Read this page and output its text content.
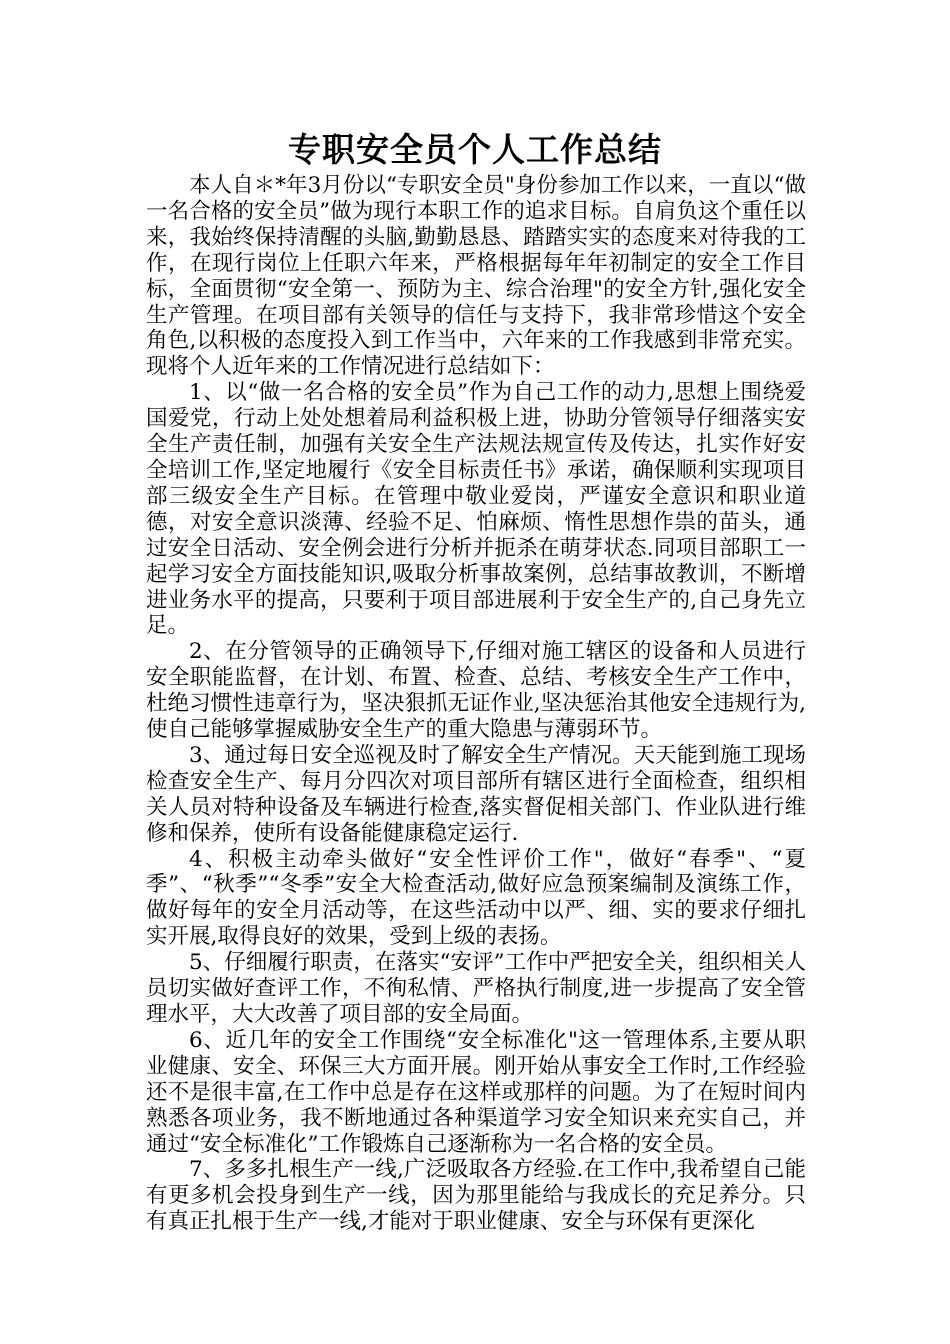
专职安全员个人工作总结

本人自＊*年3月份以“专职安全员"身份参加工作以来，一直以“做一名合格的安全员”做为现行本职工作的追求目标。自肩负这个重任以来，我始终保持清醒的头脑,勤勤恳恳、踏踏实实的态度来对待我的工作，在现行岗位上任职六年来，严格根据每年年初制定的安全工作目标，全面贯彻“安全第一、预防为主、综合治理"的安全方针,强化安全生产管理。在项目部有关领导的信任与支持下，我非常珍惜这个安全角色,以积极的态度投入到工作当中，六年来的工作我感到非常充实。现将个人近年来的工作情况进行总结如下：

1、以“做一名合格的安全员”作为自己工作的动力,思想上围绕爱国爱党，行动上处处想着局利益积极上进，协助分管领导仔细落实安全生产责任制，加强有关安全生产法规法规宣传及传达，扎实作好安全培训工作,坚定地履行《安全目标责任书》承诺，确保顺利实现项目部三级安全生产目标。在管理中敬业爱岗，严谨安全意识和职业道德，对安全意识淡薄、经验不足、怕麻烦、惰性思想作祟的苗头，通过安全日活动、安全例会进行分析并扼杀在萌芽状态.同项目部职工一起学习安全方面技能知识,吸取分析事故案例，总结事故教训，不断增进业务水平的提高，只要利于项目部进展利于安全生产的,自己身先立足。

2、在分管领导的正确领导下,仔细对施工辖区的设备和人员进行安全职能监督，在计划、布置、检查、总结、考核安全生产工作中，杜绝习惯性违章行为，坚决狠抓无证作业,坚决惩治其他安全违规行为,使自己能够掌握威胁安全生产的重大隐患与薄弱环节。

3、通过每日安全巡视及时了解安全生产情况。天天能到施工现场检查安全生产、每月分四次对项目部所有辖区进行全面检查，组织相关人员对特种设备及车辆进行检查,落实督促相关部门、作业队进行维修和保养，使所有设备能健康稳定运行.

4、积极主动牵头做好“安全性评价工作"，做好“春季"、“夏季”、“秋季”“冬季”安全大检查活动,做好应急预案编制及演练工作，做好每年的安全月活动等，在这些活动中以严、细、实的要求仔细扎实开展,取得良好的效果，受到上级的表扬。

5、仔细履行职责，在落实“安评”工作中严把安全关，组织相关人员切实做好查评工作，不徇私情、严格执行制度,进一步提高了安全管理水平，大大改善了项目部的安全局面。

6、近几年的安全工作围绕“安全标准化"这一管理体系,主要从职业健康、安全、环保三大方面开展。刚开始从事安全工作时,工作经验还不是很丰富,在工作中总是存在这样或那样的问题。为了在短时间内熟悉各项业务，我不断地通过各种渠道学习安全知识来充实自己，并通过“安全标准化”工作锻炼自己逐渐称为一名合格的安全员。

7、多多扎根生产一线,广泛吸取各方经验.在工作中,我希望自己能有更多机会投身到生产一线，因为那里能给与我成长的充足养分。只有真正扎根于生产一线,才能对于职业健康、安全与环保有更深化
